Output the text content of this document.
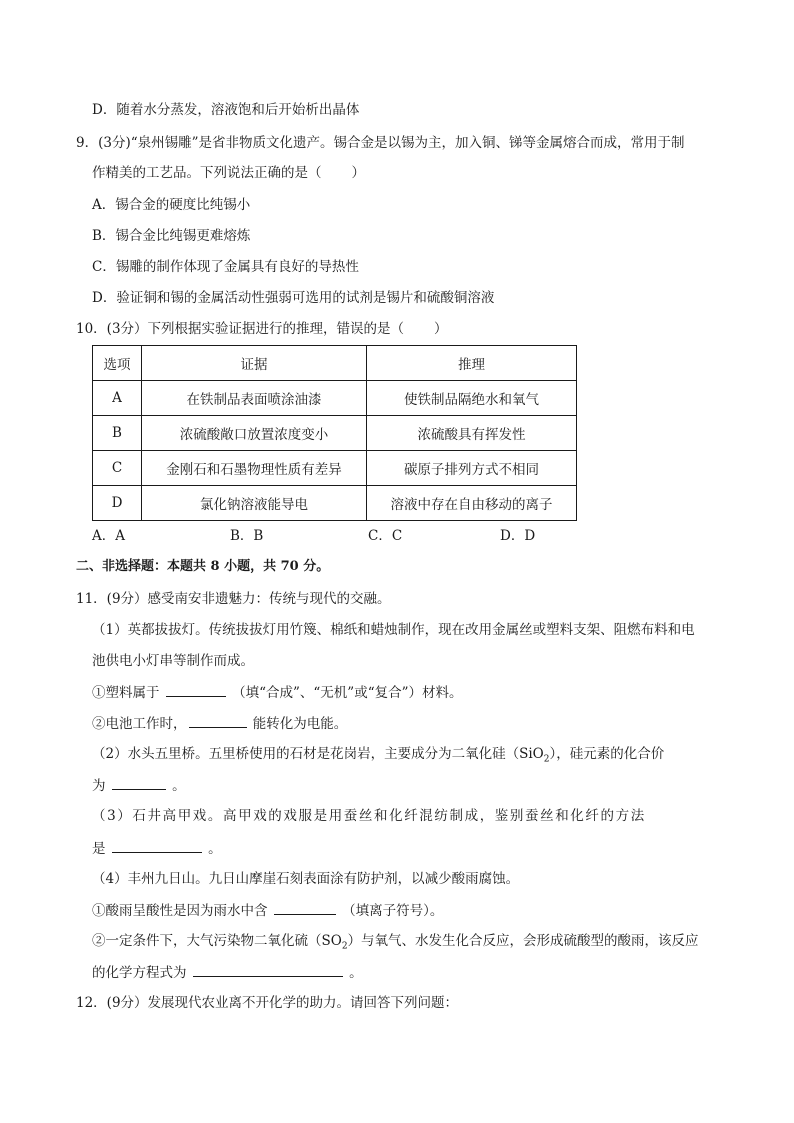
D．随着水分蒸发，溶液饱和后开始析出晶体
9．(3分)“泉州锡雕”是省非物质文化遗产。锡合金是以锡为主，加入铜、锑等金属熔合而成，常用于制
作精美的工艺品。下列说法正确的是（ ）
A．锡合金的硬度比纯锡小
B．锡合金比纯锡更难熔炼
C．锡雕的制作体现了金属具有良好的导热性
D．验证铜和锡的金属活动性强弱可选用的试剂是锡片和硫酸铜溶液
10．(3分）下列根据实验证据进行的推理，错误的是（ ）
选项	证据	推理
A	在铁制品表面喷涂油漆	使铁制品隔绝水和氧气
B	浓硫酸敞口放置浓度变小	浓硫酸具有挥发性
C	金刚石和石墨物理性质有差异	碳原子排列方式不相同
D	氯化钠溶液能导电	溶液中存在自由移动的离子
A．A	B．B	C．C	D．D
二、非选择题：本题共 8 小题，共 70 分。
11．(9分）感受南安非遗魅力：传统与现代的交融。
（1）英都拔拔灯。传统拔拔灯用竹篾、棉纸和蜡烛制作，现在改用金属丝或塑料支架、阻燃布料和电
池供电小灯串等制作而成。
①塑料属于	（填“合成”、“无机”或“复合”）材料。
②电池工作时，	能转化为电能。
（2）水头五里桥。五里桥使用的石材是花岗岩，主要成分为二氧化硅（SiO$_2$），硅元素的化合价
为	。
（3）石井高甲戏。高甲戏的戏服是用蚕丝和化纤混纺制成，鉴别蚕丝和化纤的方法
是	。
（4）丰州九日山。九日山摩崖石刻表面涂有防护剂，以减少酸雨腐蚀。
①酸雨呈酸性是因为雨水中含	（填离子符号）。
②一定条件下，大气污染物二氧化硫$(SO_2)$与氧气、水发生化合反应，会形成硫酸型的酸雨，该反应
的化学方程式为	。
12．(9分）发展现代农业离不开化学的助力。请回答下列问题：
